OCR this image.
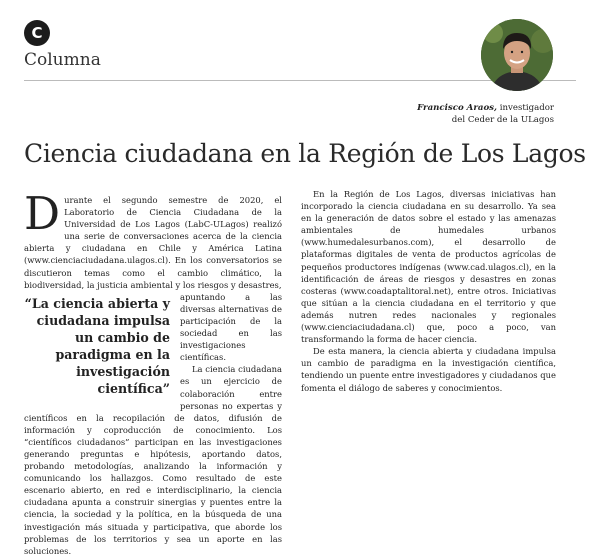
C
Columna
Francisco Araos, investigador
del Ceder de la ULagos
Ciencia ciudadana en la Región de Los Lagos

Durante el segundo semestre de 2020, el Laboratorio de Ciencia Ciudadana de la Universidad de Los Lagos (LabC-ULagos) realizó una serie de conversaciones acerca de la ciencia abierta y ciudadana en Chile y América Latina (www.cienciaciudadana.ulagos.cl). En los conversatorios se discutieron temas como el cambio climático, la biodiversidad, la justicia ambiental y los riesgos y desastres,

“La ciencia abierta y ciudadana impulsa un cambio de paradigma en la investigación científica”

apuntando a las diversas alternativas de participación de la sociedad en las investigaciones científicas.

La ciencia ciudadana es un ejercicio de colaboración entre personas no expertas y científicos en la recopilación de datos, difusión de información y coproducción de conocimiento. Los “científicos ciudadanos” participan en las investigaciones generando preguntas e hipótesis, aportando datos, probando metodologías, analizando la información y comunicando los hallazgos. Como resultado de este escenario abierto, en red e interdisciplinario, la ciencia ciudadana apunta a construir sinergias y puentes entre la ciencia, la sociedad y la política, en la búsqueda de una investigación más situada y participativa, que aborde los problemas de los territorios y sea un aporte en las soluciones.

En la Región de Los Lagos, diversas iniciativas han incorporado la ciencia ciudadana en su desarrollo. Ya sea en la generación de datos sobre el estado y las amenazas ambientales de humedales urbanos (www.humedalesurbanos.com), el desarrollo de plataformas digitales de venta de productos agrícolas de pequeños productores indígenas (www.cad.ulagos.cl), en la identificación de áreas de riesgos y desastres en zonas costeras (www.coadaptalitoral.net), entre otros. Iniciativas que sitúan a la ciencia ciudadana en el territorio y que además nutren redes nacionales y regionales (www.cienciaciudadana.cl) que, poco a poco, van transformando la forma de hacer ciencia.

De esta manera, la ciencia abierta y ciudadana impulsa un cambio de paradigma en la investigación científica, tendiendo un puente entre investigadores y ciudadanos que fomenta el diálogo de saberes y conocimientos.
